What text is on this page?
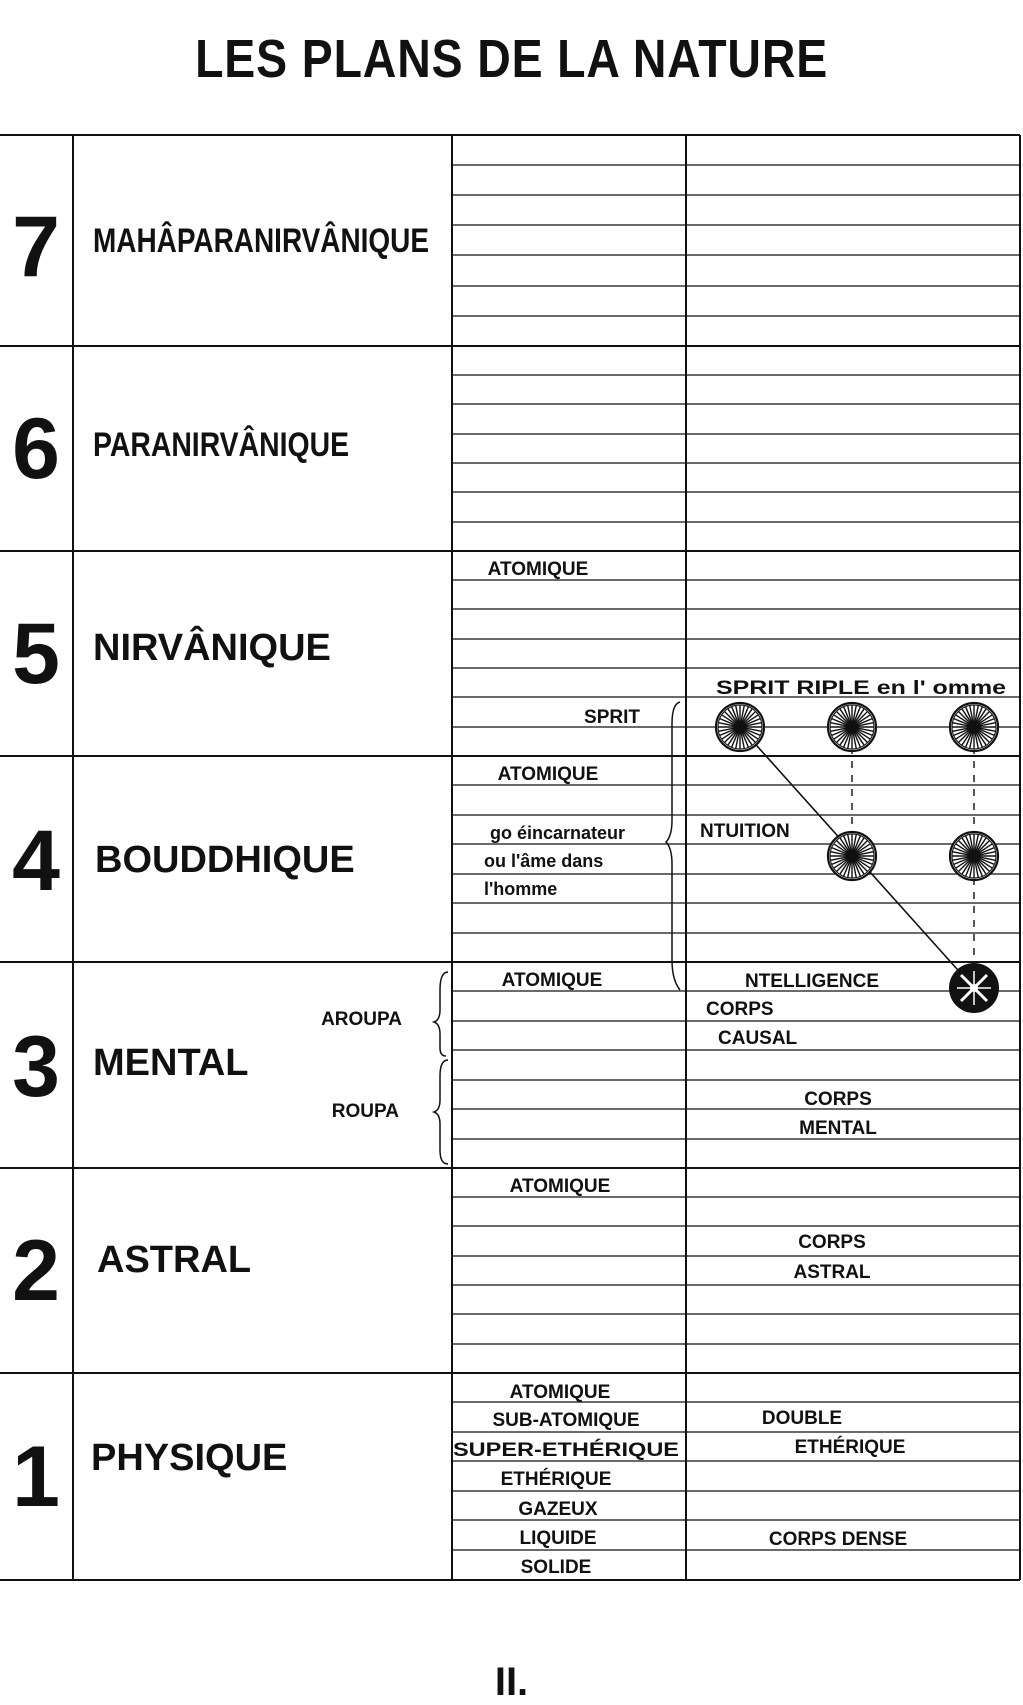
LES PLANS DE LA NATURE
7
6
5
4
3
2
1
MAHÂPARANIRVÂNIQUE
PARANIRVÂNIQUE
NIRVÂNIQUE
BOUDDHIQUE
MENTAL
ASTRAL
PHYSIQUE
AROUPA
ROUPA
ATOMIQUE
SPRIT
ATOMIQUE
go éincarnateur
ou l'âme dans
l'homme
ATOMIQUE
ATOMIQUE
ATOMIQUE
SUB-ATOMIQUE
SUPER-ETHÉRIQUE
ETHÉRIQUE
GAZEUX
LIQUIDE
SOLIDE
SPRIT RIPLE en l' omme
NTUITION
NTELLIGENCE
CORPS
CAUSAL
CORPS
MENTAL
CORPS
ASTRAL
DOUBLE
ETHÉRIQUE
CORPS DENSE
II.
